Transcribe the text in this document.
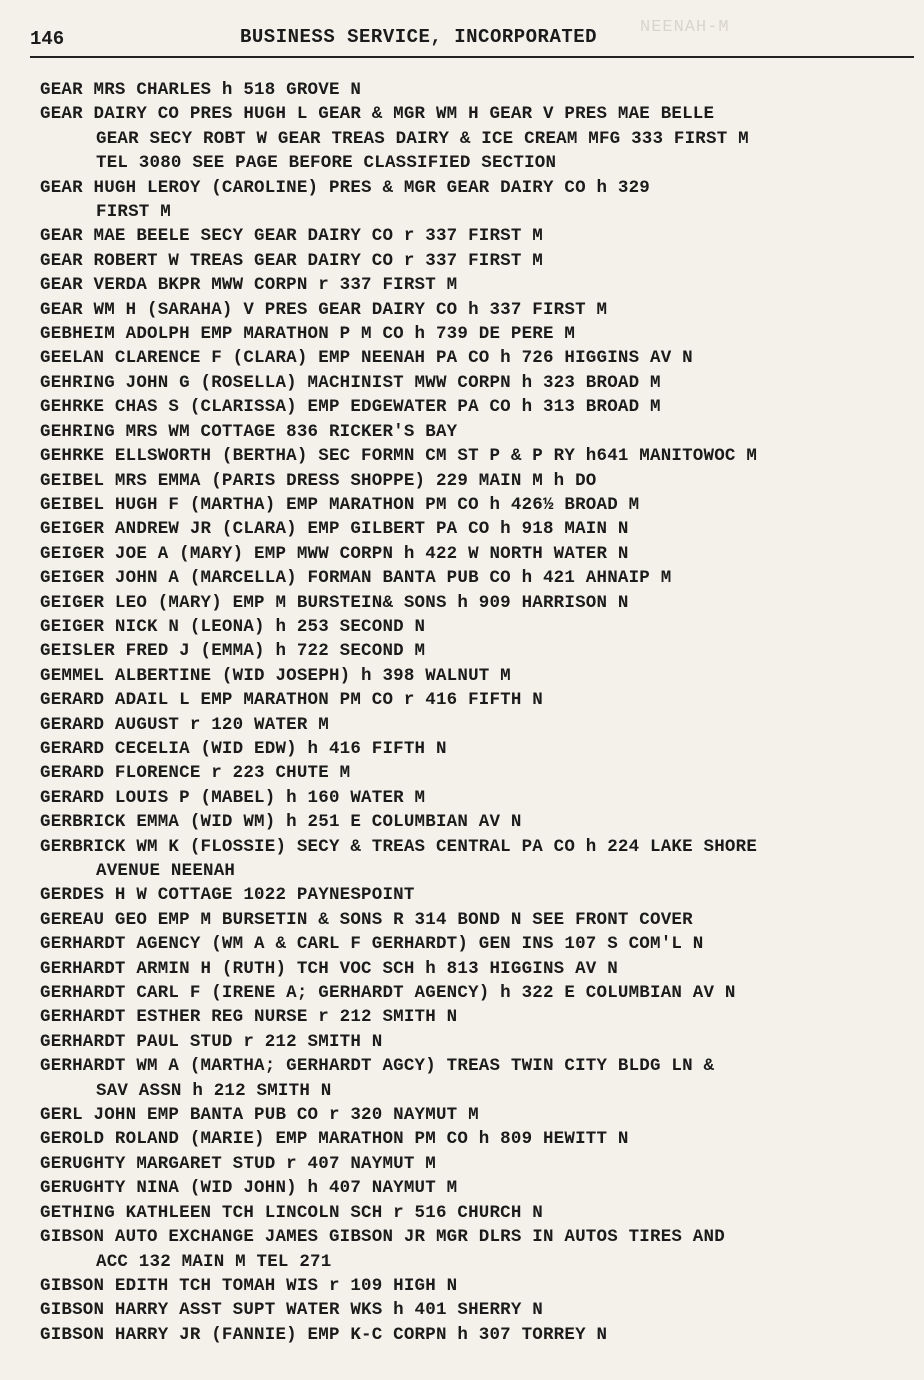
NEENAH-M
146	BUSINESS SERVICE, INCORPORATED
GEAR MRS CHARLES h 518 GROVE N
GEAR DAIRY CO PRES HUGH L GEAR & MGR WM H GEAR V PRES MAE BELLE
GEAR SECY ROBT W GEAR TREAS DAIRY & ICE CREAM MFG 333 FIRST M
TEL 3080 SEE PAGE BEFORE CLASSIFIED SECTION
GEAR HUGH LEROY (CAROLINE) PRES & MGR GEAR DAIRY CO h 329
FIRST M
GEAR MAE BEELE SECY GEAR DAIRY CO r 337 FIRST M
GEAR ROBERT W TREAS GEAR DAIRY CO r 337 FIRST M
GEAR VERDA BKPR MWW CORPN r 337 FIRST M
GEAR WM H (SARAHA) V PRES GEAR DAIRY CO h 337 FIRST M
GEBHEIM ADOLPH EMP MARATHON P M CO h 739 DE PERE M
GEELAN CLARENCE F (CLARA) EMP NEENAH PA CO h 726 HIGGINS AV N
GEHRING JOHN G (ROSELLA) MACHINIST MWW CORPN h 323 BROAD M
GEHRKE CHAS S (CLARISSA) EMP EDGEWATER PA CO h 313 BROAD M
GEHRING MRS WM COTTAGE 836 RICKER'S BAY
GEHRKE ELLSWORTH (BERTHA) SEC FORMN CM ST P & P RY h641 MANITOWOC M
GEIBEL MRS EMMA (PARIS DRESS SHOPPE) 229 MAIN M h DO
GEIBEL HUGH F (MARTHA) EMP MARATHON PM CO h 426½ BROAD M
GEIGER ANDREW JR (CLARA) EMP GILBERT PA CO h 918 MAIN N
GEIGER JOE A (MARY) EMP MWW CORPN h 422 W NORTH WATER N
GEIGER JOHN A (MARCELLA) FORMAN BANTA PUB CO h 421 AHNAIP M
GEIGER LEO (MARY) EMP M BURSTEIN& SONS h 909 HARRISON N
GEIGER NICK N (LEONA) h 253 SECOND N
GEISLER FRED J (EMMA) h 722 SECOND M
GEMMEL ALBERTINE (WID JOSEPH) h 398 WALNUT M
GERARD ADAIL L EMP MARATHON PM CO r 416 FIFTH N
GERARD AUGUST r 120 WATER M
GERARD CECELIA (WID EDW) h 416 FIFTH N
GERARD FLORENCE r 223 CHUTE M
GERARD LOUIS P (MABEL) h 160 WATER M
GERBRICK EMMA (WID WM) h 251 E COLUMBIAN AV N
GERBRICK WM K (FLOSSIE) SECY & TREAS CENTRAL PA CO h 224 LAKE SHORE
AVENUE NEENAH
GERDES H W COTTAGE 1022 PAYNESPOINT
GEREAU GEO EMP M BURSETIN & SONS R 314 BOND N SEE FRONT COVER
GERHARDT AGENCY (WM A & CARL F GERHARDT) GEN INS 107 S COM'L N
GERHARDT ARMIN H (RUTH) TCH VOC SCH h 813 HIGGINS AV N
GERHARDT CARL F (IRENE A; GERHARDT AGENCY) h 322 E COLUMBIAN AV N
GERHARDT ESTHER REG NURSE r 212 SMITH N
GERHARDT PAUL STUD r 212 SMITH N
GERHARDT WM A (MARTHA; GERHARDT AGCY) TREAS TWIN CITY BLDG LN &
SAV ASSN h 212 SMITH N
GERL JOHN EMP BANTA PUB CO r 320 NAYMUT M
GEROLD ROLAND (MARIE) EMP MARATHON PM CO h 809 HEWITT N
GERUGHTY MARGARET STUD r 407 NAYMUT M
GERUGHTY NINA (WID JOHN) h 407 NAYMUT M
GETHING KATHLEEN TCH LINCOLN SCH r 516 CHURCH N
GIBSON AUTO EXCHANGE JAMES GIBSON JR MGR DLRS IN AUTOS TIRES AND
ACC 132 MAIN M TEL 271
GIBSON EDITH TCH TOMAH WIS r 109 HIGH N
GIBSON HARRY ASST SUPT WATER WKS h 401 SHERRY N
GIBSON HARRY JR (FANNIE) EMP K-C CORPN h 307 TORREY N
